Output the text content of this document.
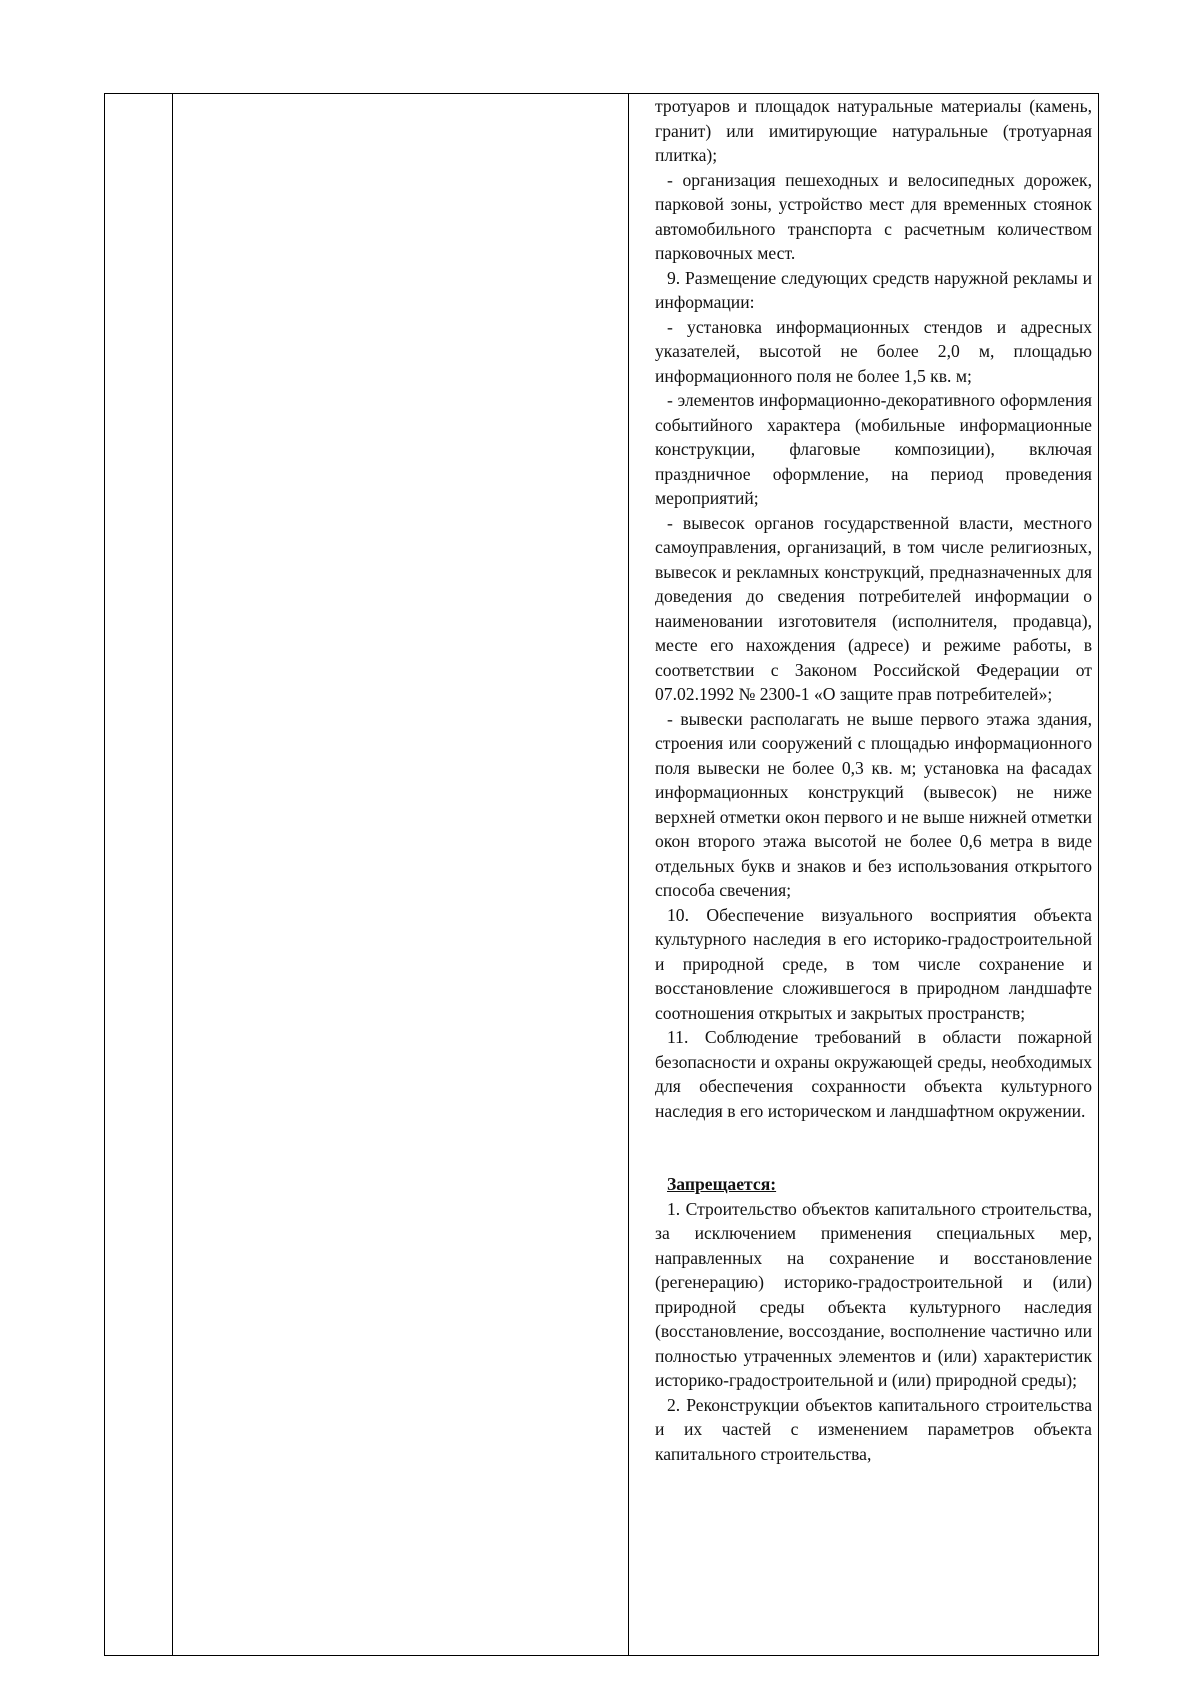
тротуаров и площадок натуральные материалы (камень, гранит) или имитирующие натуральные (тротуарная плитка);

- организация пешеходных и велосипедных дорожек, парковой зоны, устройство мест для временных стоянок автомобильного транспорта с расчетным количеством парковочных мест.

9. Размещение следующих средств наружной рекламы и информации:

- установка информационных стендов и адресных указателей, высотой не более 2,0 м, площадью информационного поля не более 1,5 кв. м;

- элементов информационно-декоративного оформления событийного характера (мобильные информационные конструкции, флаговые композиции), включая праздничное оформление, на период проведения мероприятий;

- вывесок органов государственной власти, местного самоуправления, организаций, в том числе религиозных, вывесок и рекламных конструкций, предназначенных для доведения до сведения потребителей информации о наименовании изготовителя (исполнителя, продавца), месте его нахождения (адресе) и режиме работы, в соответствии с Законом Российской Федерации от 07.02.1992 № 2300-1 «О защите прав потребителей»;

- вывески располагать не выше первого этажа здания, строения или сооружений с площадью информационного поля вывески не более 0,3 кв. м; установка на фасадах информационных конструкций (вывесок) не ниже верхней отметки окон первого и не выше нижней отметки окон второго этажа высотой не более 0,6 метра в виде отдельных букв и знаков и без использования открытого способа свечения;

10. Обеспечение визуального восприятия объекта культурного наследия в его историко-градостроительной и природной среде, в том числе сохранение и восстановление сложившегося в природном ландшафте соотношения открытых и закрытых пространств;

11. Соблюдение требований в области пожарной безопасности и охраны окружающей среды, необходимых для обеспечения сохранности объекта культурного наследия в его историческом и ландшафтном окружении.

Запрещается:

1. Строительство объектов капитального строительства, за исключением применения специальных мер, направленных на сохранение и восстановление (регенерацию) историко-градостроительной и (или) природной среды объекта культурного наследия (восстановление, воссоздание, восполнение частично или полностью утраченных элементов и (или) характеристик историко-градостроительной и (или) природной среды);

2. Реконструкции объектов капитального строительства и их частей с изменением параметров объекта капитального строительства,
